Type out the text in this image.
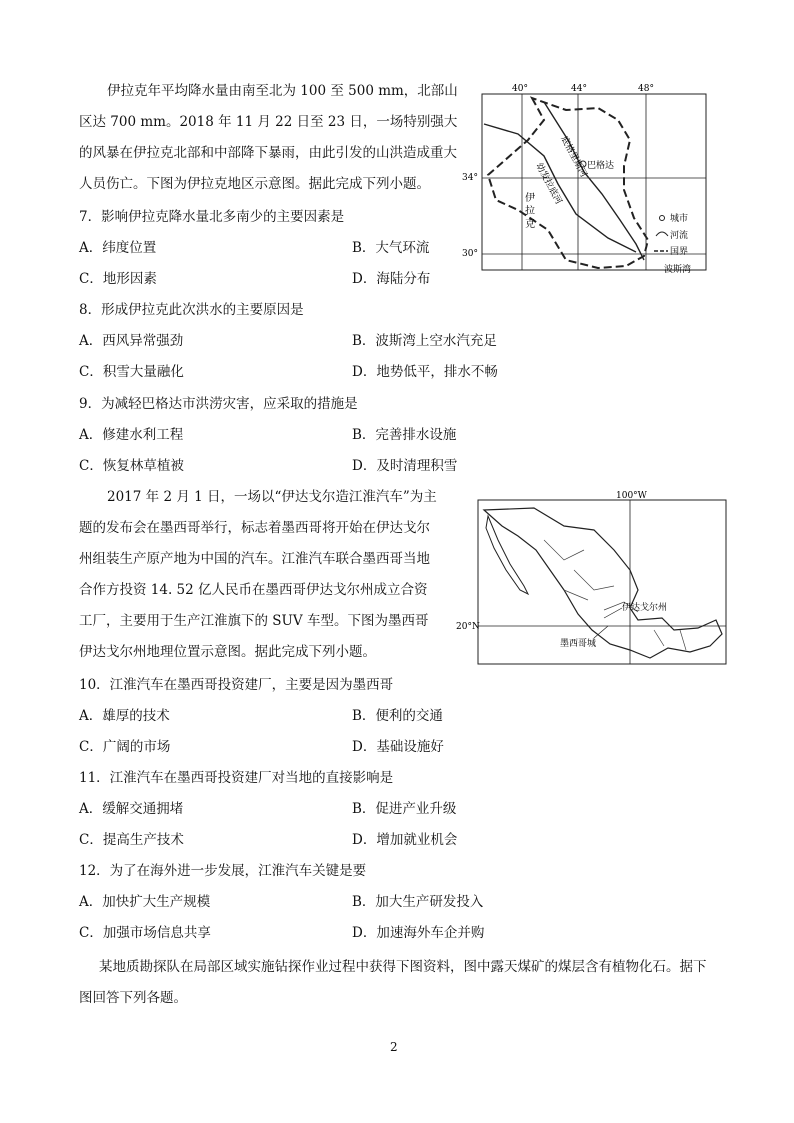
伊拉克年平均降水量由南至北为 100 至 500 mm，北部山区达 700 mm。2018 年 11 月 22 日至 23 日，一场特别强大的风暴在伊拉克北部和中部降下暴雨，由此引发的山洪造成重大人员伤亡。下图为伊拉克地区示意图。据此完成下列小题。
40°	44°	48°
34°
30°
底格里斯河
幼发拉底河	巴格达
伊 拉 克	城市
河流
国界
波斯湾
7．影响伊拉克降水量北多南少的主要因素是
A．纬度位置	B．大气环流
C．地形因素	D．海陆分布
8．形成伊拉克此次洪水的主要原因是
A．西风异常强劲	B．波斯湾上空水汽充足
C．积雪大量融化	D．地势低平，排水不畅
9．为减轻巴格达市洪涝灾害，应采取的措施是
A．修建水利工程	B．完善排水设施
C．恢复林草植被	D．及时清理积雪
2017 年 2 月 1 日，一场以“伊达戈尔造江淮汽车”为主题的发布会在墨西哥举行，标志着墨西哥将开始在伊达戈尔州组装生产原产地为中国的汽车。江淮汽车联合墨西哥当地合作方投资 14. 52 亿人民币在墨西哥伊达戈尔州成立合资工厂，主要用于生产江淮旗下的 SUV 车型。下图为墨西哥伊达戈尔州地理位置示意图。据此完成下列小题。
100°W
20°N
伊达戈尔州
墨西哥城
10．江淮汽车在墨西哥投资建厂，主要是因为墨西哥
A．雄厚的技术	B．便利的交通
C．广阔的市场	D．基础设施好
11．江淮汽车在墨西哥投资建厂对当地的直接影响是
A．缓解交通拥堵	B．促进产业升级
C．提高生产技术	D．增加就业机会
12．为了在海外进一步发展，江淮汽车关键是要
A．加快扩大生产规模	B．加大生产研发投入
C．加强市场信息共享	D．加速海外车企并购
某地质勘探队在局部区域实施钻探作业过程中获得下图资料，图中露天煤矿的煤层含有植物化石。据下图回答下列各题。
2
